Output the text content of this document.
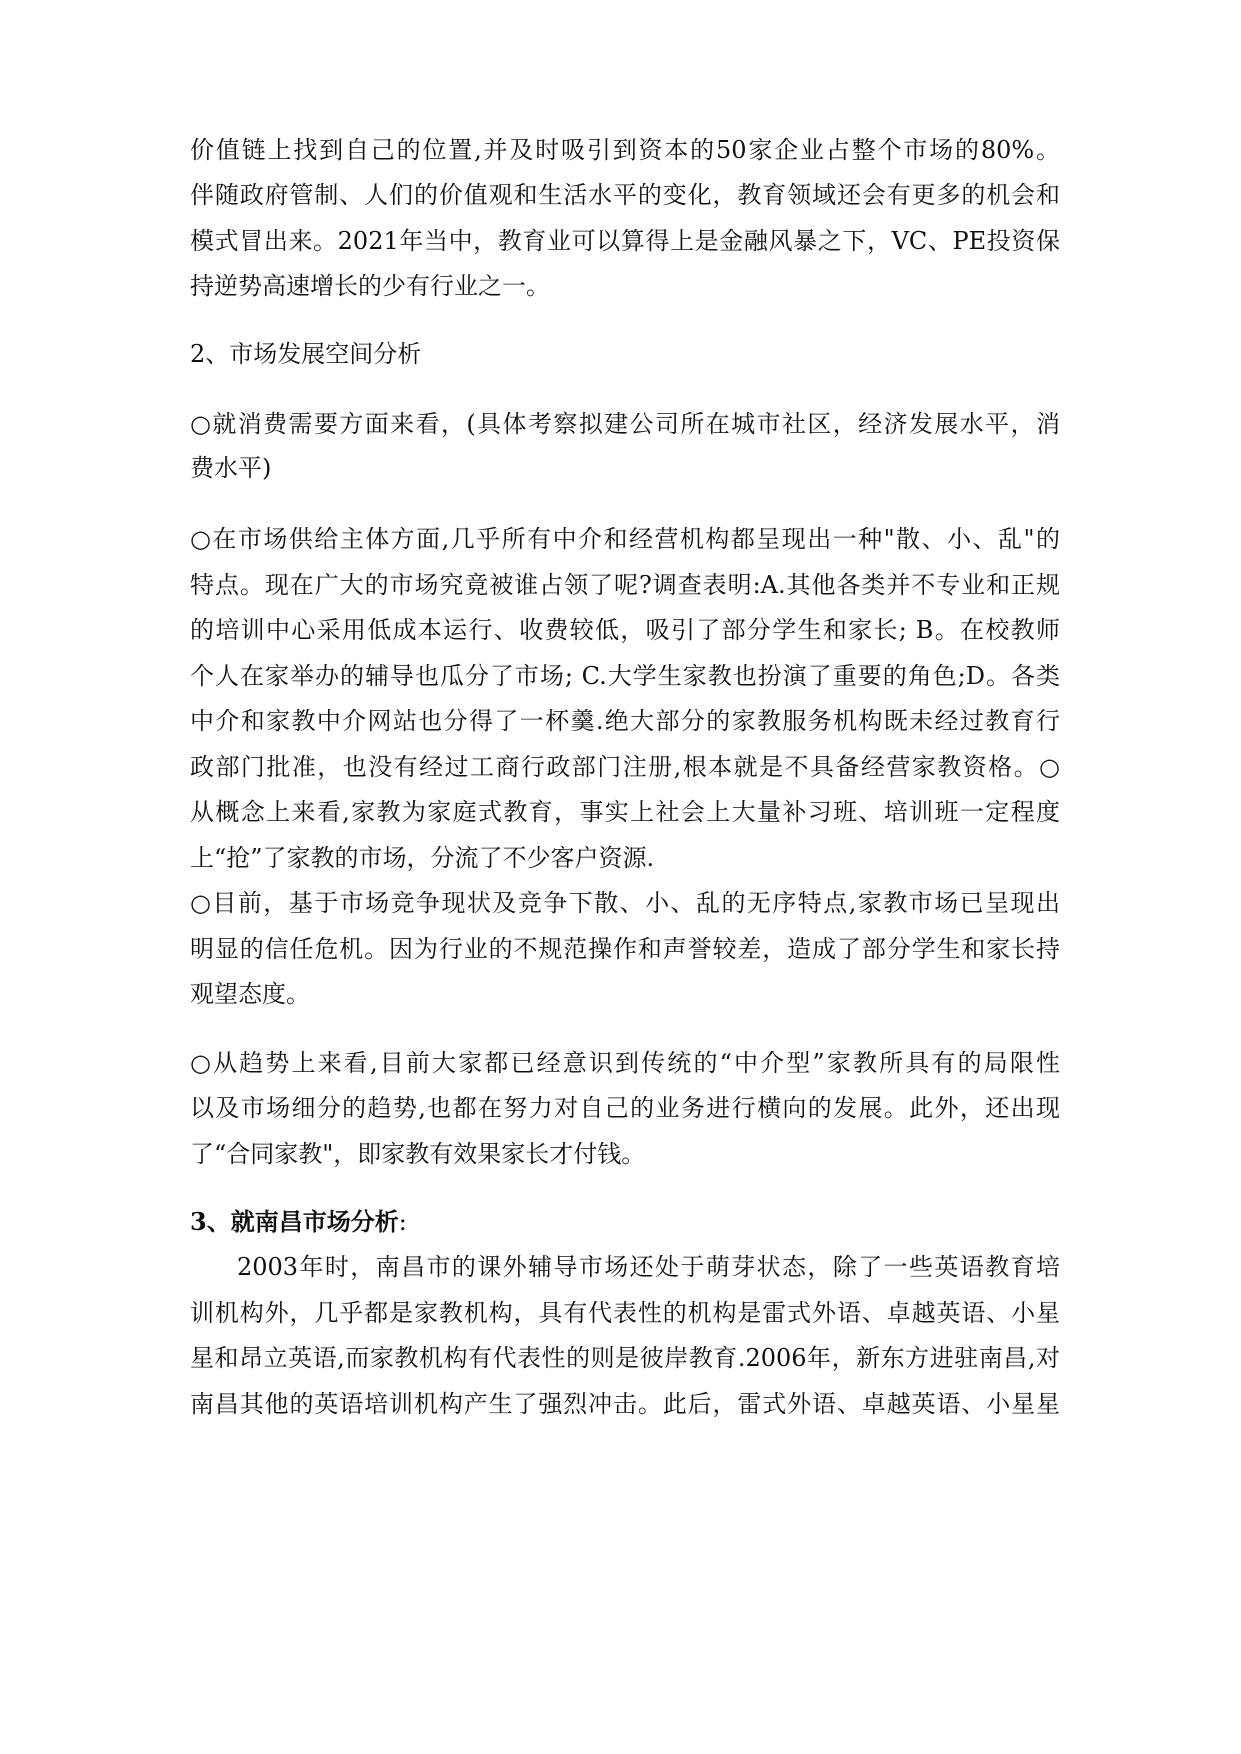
价值链上找到自己的位置,并及时吸引到资本的50家企业占整个市场的80%。
伴随政府管制、人们的价值观和生活水平的变化，教育领域还会有更多的机会和
模式冒出来。2021年当中，教育业可以算得上是金融风暴之下，VC、PE投资保
持逆势高速增长的少有行业之一。
2、市场发展空间分析
○就消费需要方面来看，(具体考察拟建公司所在城市社区，经济发展水平，消
费水平)
○在市场供给主体方面,几乎所有中介和经营机构都呈现出一种"散、小、乱"的
特点。现在广大的市场究竟被谁占领了呢?调查表明:A.其他各类并不专业和正规
的培训中心采用低成本运行、收费较低，吸引了部分学生和家长; B。在校教师
个人在家举办的辅导也瓜分了市场; C.大学生家教也扮演了重要的角色;D。各类
中介和家教中介网站也分得了一杯羹.绝大部分的家教服务机构既未经过教育行
政部门批准，也没有经过工商行政部门注册,根本就是不具备经营家教资格。○
从概念上来看,家教为家庭式教育，事实上社会上大量补习班、培训班一定程度
上“抢”了家教的市场，分流了不少客户资源.
○目前，基于市场竞争现状及竞争下散、小、乱的无序特点,家教市场已呈现出
明显的信任危机。因为行业的不规范操作和声誉较差，造成了部分学生和家长持
观望态度。
○从趋势上来看,目前大家都已经意识到传统的“中介型”家教所具有的局限性
以及市场细分的趋势,也都在努力对自己的业务进行横向的发展。此外，还出现
了“合同家教"，即家教有效果家长才付钱。
3、就南昌市场分析:
2003年时，南昌市的课外辅导市场还处于萌芽状态，除了一些英语教育培
训机构外，几乎都是家教机构，具有代表性的机构是雷式外语、卓越英语、小星
星和昂立英语,而家教机构有代表性的则是彼岸教育.2006年，新东方进驻南昌,对
南昌其他的英语培训机构产生了强烈冲击。此后，雷式外语、卓越英语、小星星
